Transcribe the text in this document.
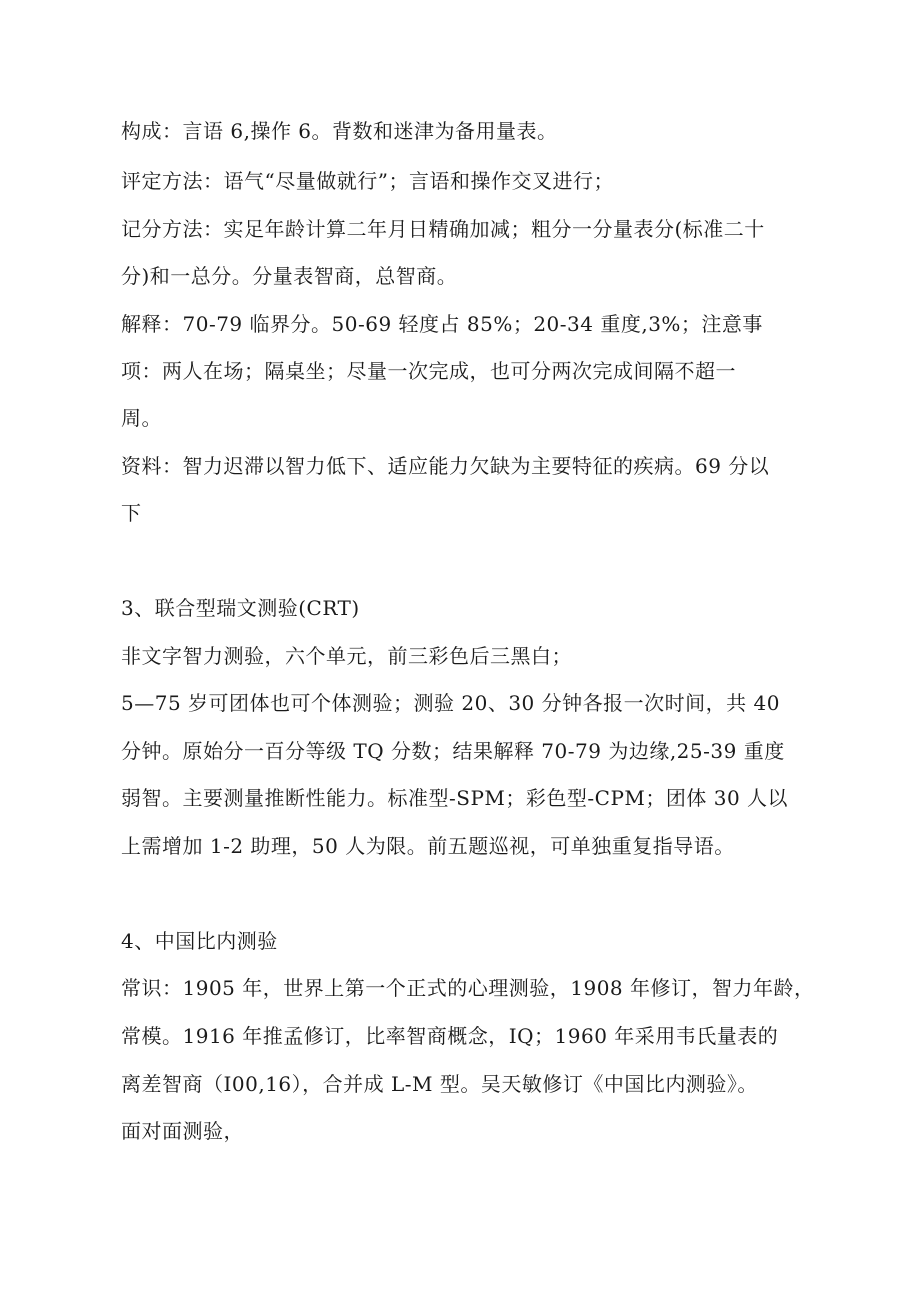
构成：言语 6,操作 6。背数和迷津为备用量表。
评定方法：语气“尽量做就行”；言语和操作交叉进行；
记分方法：实足年龄计算二年月日精确加减；粗分一分量表分(标准二十
分)和一总分。分量表智商，总智商。
解释：70-79 临界分。50-69 轻度占 85%；20-34 重度,3%；注意事
项：两人在场；隔桌坐；尽量一次完成，也可分两次完成间隔不超一
周。
资料：智力迟滞以智力低下、适应能力欠缺为主要特征的疾病。69 分以
下
3、联合型瑞文测验(CRT)
非文字智力测验，六个单元，前三彩色后三黑白；
5—75 岁可团体也可个体测验；测验 20、30 分钟各报一次时间，共 40
分钟。原始分一百分等级 TQ 分数；结果解释 70-79 为边缘,25-39 重度
弱智。主要测量推断性能力。标准型-SPM；彩色型-CPM；团体 30 人以
上需增加 1-2 助理，50 人为限。前五题巡视，可单独重复指导语。
4、中国比内测验
常识：1905 年，世界上第一个正式的心理测验，1908 年修订，智力年龄，
常模。1916 年推孟修订，比率智商概念，IQ；1960 年采用韦氏量表的
离差智商（I00,16），合并成 L-M 型。吴天敏修订《中国比内测验》。
面对面测验，
